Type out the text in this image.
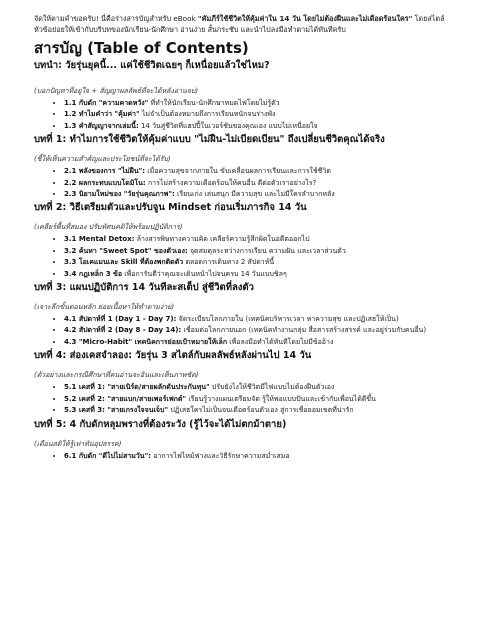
จัดให้ตามคำขอครับ! นี่คือร่างสารบัญสำหรับ eBook "คัมภีร์ใช้ชีวิตให้คุ้มค่าใน 14 วัน โดยไม่ต้องฝืนและไม่เดือดร้อนใคร" โดยสไตล์หัวข้อย่อยให้เข้ากับบริบทของนักเรียน-นักศึกษา อ่านง่าย สั้นกระชับ และนำไปลงมือทำตามได้ทันทีครับ

สารบัญ (Table of Contents)
บทนำ: วัยรุ่นยุคนี้... แค่ใช้ชีวิตเฉยๆ ก็เหนื่อยแล้วใช่ไหม?
(บอกปัญหาที่อยู่ใจ + สัญญาผลลัพธ์ที่จะได้หลังอ่านจบ)
• 1.1 กับดัก "ความคาดหวัง" ที่ทำให้นักเรียน-นักศึกษาหมดไฟโดยไม่รู้ตัว
• 1.2 ทำไมคำว่า "คุ้มค่า" ไม่จำเป็นต้องหมายถึงการเรียนหนักจนร่างพัง
• 1.3 คำสัญญาจากเล่มนี้: 14 วันสู่ชีวิตที่แฮปปี้ในเวอร์ชันของคุณเอง แบบไม่เหนื่อยใจ
บทที่ 1: ทำไมการใช้ชีวิตให้คุ้มค่าแบบ "ไม่ฝืน-ไม่เบียดเบียน" ถึงเปลี่ยนชีวิตคุณได้จริง
(ชี้ให้เห็นความสำคัญและประโยชน์ที่จะได้รับ)
• 2.1 พลังของการ "ไม่ฝืน": เมื่อความสุขจากภายใน ขับเคลื่อนผลการเรียนและการใช้ชีวิต
• 2.2 ผลกระทบแบบโดมิโน: การไม่สร้างความเดือดร้อนให้คนอื่น ดีต่อตัวเราอย่างไร?
• 2.3 นิยามใหม่ของ "วัยรุ่นคุณภาพ": เรียนเก่ง เล่นสนุก มีความสุข และไม่มีใครลำบากหลัง
บทที่ 2: วิธีเตรียมตัวและปรับจูน Mindset ก่อนเริ่มภารกิจ 14 วัน
(เคลียร์พื้นที่สมอง ปรับทัศนคติให้พร้อมปฏิบัติการ)
• 3.1 Mental Detox: ล้างสารพิษทางความคิด เคลียร์ความรู้สึกผิดในอดีตออกไป
• 3.2 ค้นหา "Sweet Spot" ของตัวเอง: จุดสมดุลระหว่างการเรียน ความฝัน และเวลาส่วนตัว
• 3.3 โอเคแมนเละ Skill ที่ต้องพกติดตัว ตลอดการเดินทาง 2 สัปดาห์นี้
• 3.4 กฎเหล็ก 3 ข้อ เพื่อการันตีว่าคุณจะเดินหน้าไปจนครบ 14 วันแบบชิลๆ
บทที่ 3: แผนปฏิบัติการ 14 วันทีละสเต็ป สู่ชีวิตที่ลงตัว
(เจาะลึกขั้นตอนหลัก ย่อยเนื้อหาให้ทำตามง่าย)
• 4.1 สัปดาห์ที่ 1 (Day 1 - Day 7): จัดระเบียบโลกภายใน (เทคนิคบริหารเวลา หาความสุข และปฏิเสธให้เป็น)
• 4.2 สัปดาห์ที่ 2 (Day 8 - Day 14): เชื่อมต่อโลกภายนอก (เทคนิคทำงานกลุ่ม สื่อสารสร้างสรรค์ และอยู่ร่วมกับคนอื่น)
• 4.3 "Micro-Habit" เทคนิคการย่อยเป้าหมายให้เล็ก เพื่อลงมือทำได้ทันทีโดยไม่มีข้ออ้าง
บทที่ 4: ส่องเคสจำลอง: วัยรุ่น 3 สไตล์กับผลลัพธ์หลังผ่านไป 14 วัน
(ตัวอย่างและกรณีศึกษาที่คนอ่านจะอินและเห็นภาพชัด)
• 5.1 เคสที่ 1: "สายเนิร์ด/สายผลักดันประกันทุน" ปรับยังไงให้ชีวิตมีไฟแบบไม่ต้องฝืนตัวเอง
• 5.2 เคสที่ 2: "สายแบก/สายเพอร์เฟกต์" เรียนรู้วางแผนเตรียมจัด รู้ให้พอแบบปันและเข้ากับเพื่อนได้ดีขึ้น
• 5.3 เคสที่ 3: "สายเกรงใจจนเจ็บ" ปฏิเสธใครไม่เป็นจนเดือดร้อนตัวเอง สู่การเชื่อยอมเขตที่น่ารัก
บทที่ 5: 4 กับดักหลุมพรางที่ต้องระวัง (รู้ไว้จะได้ไม่ตกม้าตาย)
(เตือนสติให้รู้เท่าทันอุปสรรค)
• 6.1 กับดัก "ดีไปไม่สามวัน": อาการไฟไหม้ฟางและวิธีรักษาความสม่ำเสมอ
